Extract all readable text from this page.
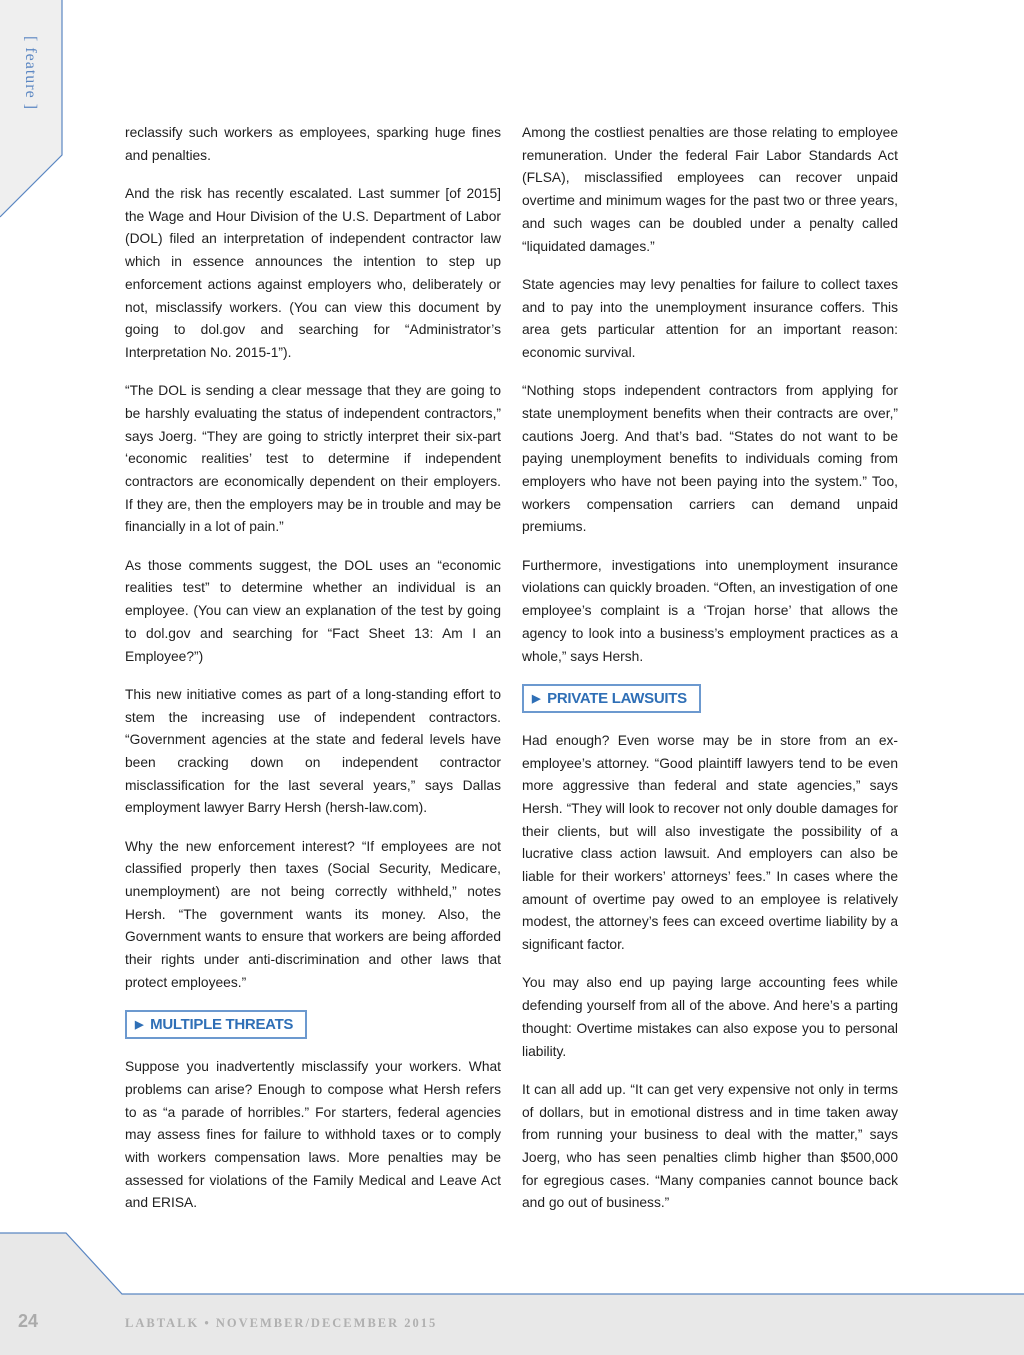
[ feature ]
24	LABTALK • NOVEMBER/DECEMBER 2015

reclassify such workers as employees, sparking huge fines and penalties.

And the risk has recently escalated. Last summer [of 2015] the Wage and Hour Division of the U.S. Department of Labor (DOL) filed an interpretation of independent contractor law which in essence announces the intention to step up enforcement actions against employers who, deliberately or not, misclassify workers. (You can view this document by going to dol.gov and searching for “Administrator’s Interpretation No. 2015-1”).

“The DOL is sending a clear message that they are going to be harshly evaluating the status of independent contractors,” says Joerg. “They are going to strictly interpret their six-part ‘economic realities’ test to determine if independent contractors are economically dependent on their employers. If they are, then the employers may be in trouble and may be financially in a lot of pain.”

As those comments suggest, the DOL uses an “economic realities test” to determine whether an individual is an employee. (You can view an explanation of the test by going to dol.gov and searching for “Fact Sheet 13: Am I an Employee?”)

This new initiative comes as part of a long-standing effort to stem the increasing use of independent contractors. “Government agencies at the state and federal levels have been cracking down on independent contractor misclassification for the last several years,” says Dallas employment lawyer Barry Hersh (hersh-law.com).

Why the new enforcement interest? “If employees are not classified properly then taxes (Social Security, Medicare, unemployment) are not being correctly withheld,” notes Hersh. “The government wants its money. Also, the Government wants to ensure that workers are being afforded their rights under anti-discrimination and other laws that protect employees.”

▶ MULTIPLE THREATS

Suppose you inadvertently misclassify your workers. What problems can arise? Enough to compose what Hersh refers to as “a parade of horribles.” For starters, federal agencies may assess fines for failure to withhold taxes or to comply with workers compensation laws. More penalties may be assessed for violations of the Family Medical and Leave Act and ERISA.

Among the costliest penalties are those relating to employee remuneration. Under the federal Fair Labor Standards Act (FLSA), misclassified employees can recover unpaid overtime and minimum wages for the past two or three years, and such wages can be doubled under a penalty called “liquidated damages.”

State agencies may levy penalties for failure to collect taxes and to pay into the unemployment insurance coffers. This area gets particular attention for an important reason: economic survival.

“Nothing stops independent contractors from applying for state unemployment benefits when their contracts are over,” cautions Joerg. And that’s bad. “States do not want to be paying unemployment benefits to individuals coming from employers who have not been paying into the system.” Too, workers compensation carriers can demand unpaid premiums.

Furthermore, investigations into unemployment insurance violations can quickly broaden. “Often, an investigation of one employee’s complaint is a ‘Trojan horse’ that allows the agency to look into a business’s employment practices as a whole,” says Hersh.

▶ PRIVATE LAWSUITS

Had enough? Even worse may be in store from an ex-employee’s attorney. “Good plaintiff lawyers tend to be even more aggressive than federal and state agencies,” says Hersh. “They will look to recover not only double damages for their clients, but will also investigate the possibility of a lucrative class action lawsuit. And employers can also be liable for their workers’ attorneys’ fees.” In cases where the amount of overtime pay owed to an employee is relatively modest, the attorney’s fees can exceed overtime liability by a significant factor.

You may also end up paying large accounting fees while defending yourself from all of the above. And here’s a parting thought: Overtime mistakes can also expose you to personal liability.

It can all add up. “It can get very expensive not only in terms of dollars, but in emotional distress and in time taken away from running your business to deal with the matter,” says Joerg, who has seen penalties climb higher than $500,000 for egregious cases. “Many companies cannot bounce back and go out of business.”
